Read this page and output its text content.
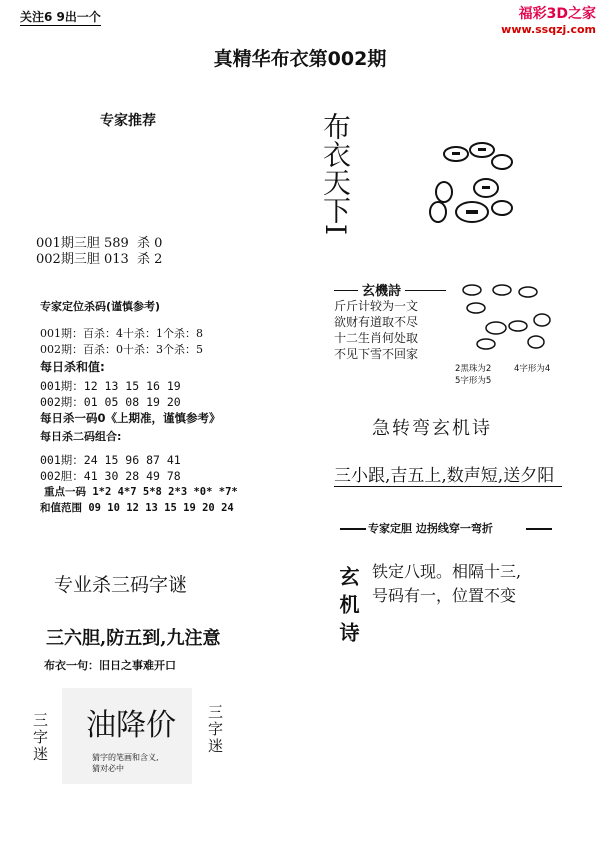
关注6 9出一个	福彩3D之家
www.ssqzj.com
真精华布衣第002期
专家推荐
001期三胆 589  杀 0
002期三胆 013  杀 2
专家定位杀码(谨慎参考)
001期：百杀：4十杀：1个杀：8
002期：百杀：0十杀：3个杀：5
每日杀和值:
001期：12 13 15 16 19
002期：01 05 08 19 20
每日杀一码0《上期准，谨慎参考》
每日杀二码组合:
001期：24 15 96 87 41
002胆：41 30 28 49 78
重点一码 1*2 4*7 5*8 2*3 *0* *7*
和值范围 09 10 12 13 15 19 20 24
专业杀三码字谜
三六胆,防五到,九注意
布衣一句：旧日之事难开口
三字迷	三字迷
油降价
猜字的笔画和含义,猜对必中
布衣天下I
玄機詩
斤斤计较为一文
欲财有道取不尽
十二生肖何处取
不见下雪不回家
2黑珠为2	4字形为4
5字形为5
急转弯玄机诗
三小跟,吉五上,数声短,送夕阳
专家定胆 边拐线穿一弯折
玄机诗 铁定八现。相隔十三,
号码有一，位置不变
